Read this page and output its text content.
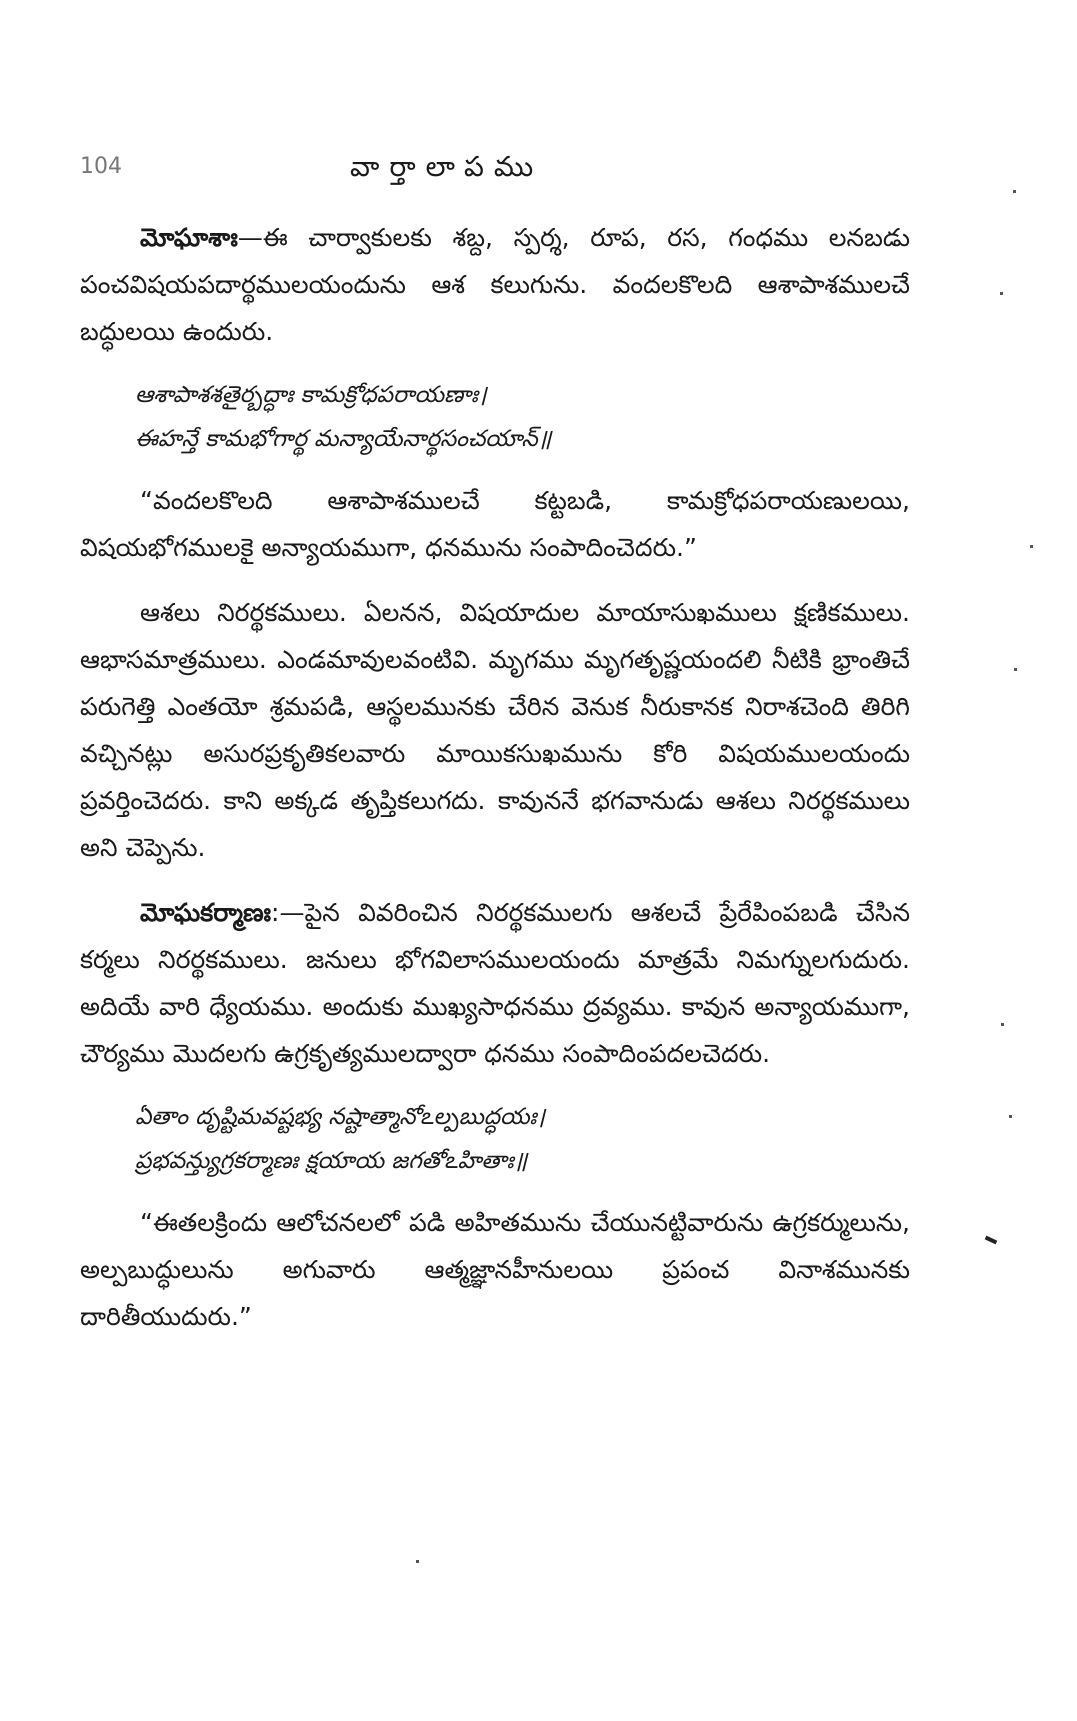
104	వార్తాలాపము

మోఘాశాః—ఈ చార్వాకులకు శబ్ద, స్పర్శ, రూప, రస, గంధము లనబడు పంచవిషయపదార్థములయందును ఆశ కలుగును. వందలకొలది ఆశాపాశములచే బద్ధులయి ఉందురు.

ఆశాపాశశతైర్బద్ధాః కామక్రోధపరాయణాః।
ఈహన్తే కామభోగార్థ మన్యాయేనార్థసంచయాన్॥

“వందలకొలది ఆశాపాశములచే కట్టబడి, కామక్రోధపరాయణులయి, విషయభోగములకై అన్యాయముగా, ధనమును సంపాదించెదరు.”

ఆశలు నిరర్థకములు. ఏలనన, విషయాదుల మాయాసుఖములు క్షణికములు. ఆభాసమాత్రములు. ఎండమావులవంటివి. మృగము మృగతృష్ణయందలి నీటికి భ్రాంతిచే పరుగెత్తి ఎంతయో శ్రమపడి, ఆస్థలమునకు చేరిన వెనుక నీరుకానక నిరాశచెంది తిరిగి వచ్చినట్లు అసురప్రకృతికలవారు మాయికసుఖమును కోరి విషయములయందు ప్రవర్తించెదరు. కాని అక్కడ తృప్తికలుగదు. కావుననే భగవానుడు ఆశలు నిరర్థకములు అని చెప్పెను.

మోఘకర్మాణః:—పైన వివరించిన నిరర్థకములగు ఆశలచే ప్రేరేపింపబడి చేసిన కర్మలు నిరర్థకములు. జనులు భోగవిలాసములయందు మాత్రమే నిమగ్నులగుదురు. అదియే వారి ధ్యేయము. అందుకు ముఖ్యసాధనము ద్రవ్యము. కావున అన్యాయముగా, చౌర్యము మొదలగు ఉగ్రకృత్యములద్వారా ధనము సంపాదింపదలచెదరు.

ఏతాం దృష్టిమవష్టభ్య నష్టాత్మానోఽల్పబుద్ధయః।
ప్రభవన్త్యుగ్రకర్మాణః క్షయాయ జగతోఽహితాః॥

“ఈతలక్రిందు ఆలోచనలలో పడి అహితమును చేయునట్టివారును ఉగ్రకర్ములును, అల్పబుద్ధులును అగువారు ఆత్మజ్ఞానహీనులయి ప్రపంచ వినాశమునకు దారితీయుదురు.”
